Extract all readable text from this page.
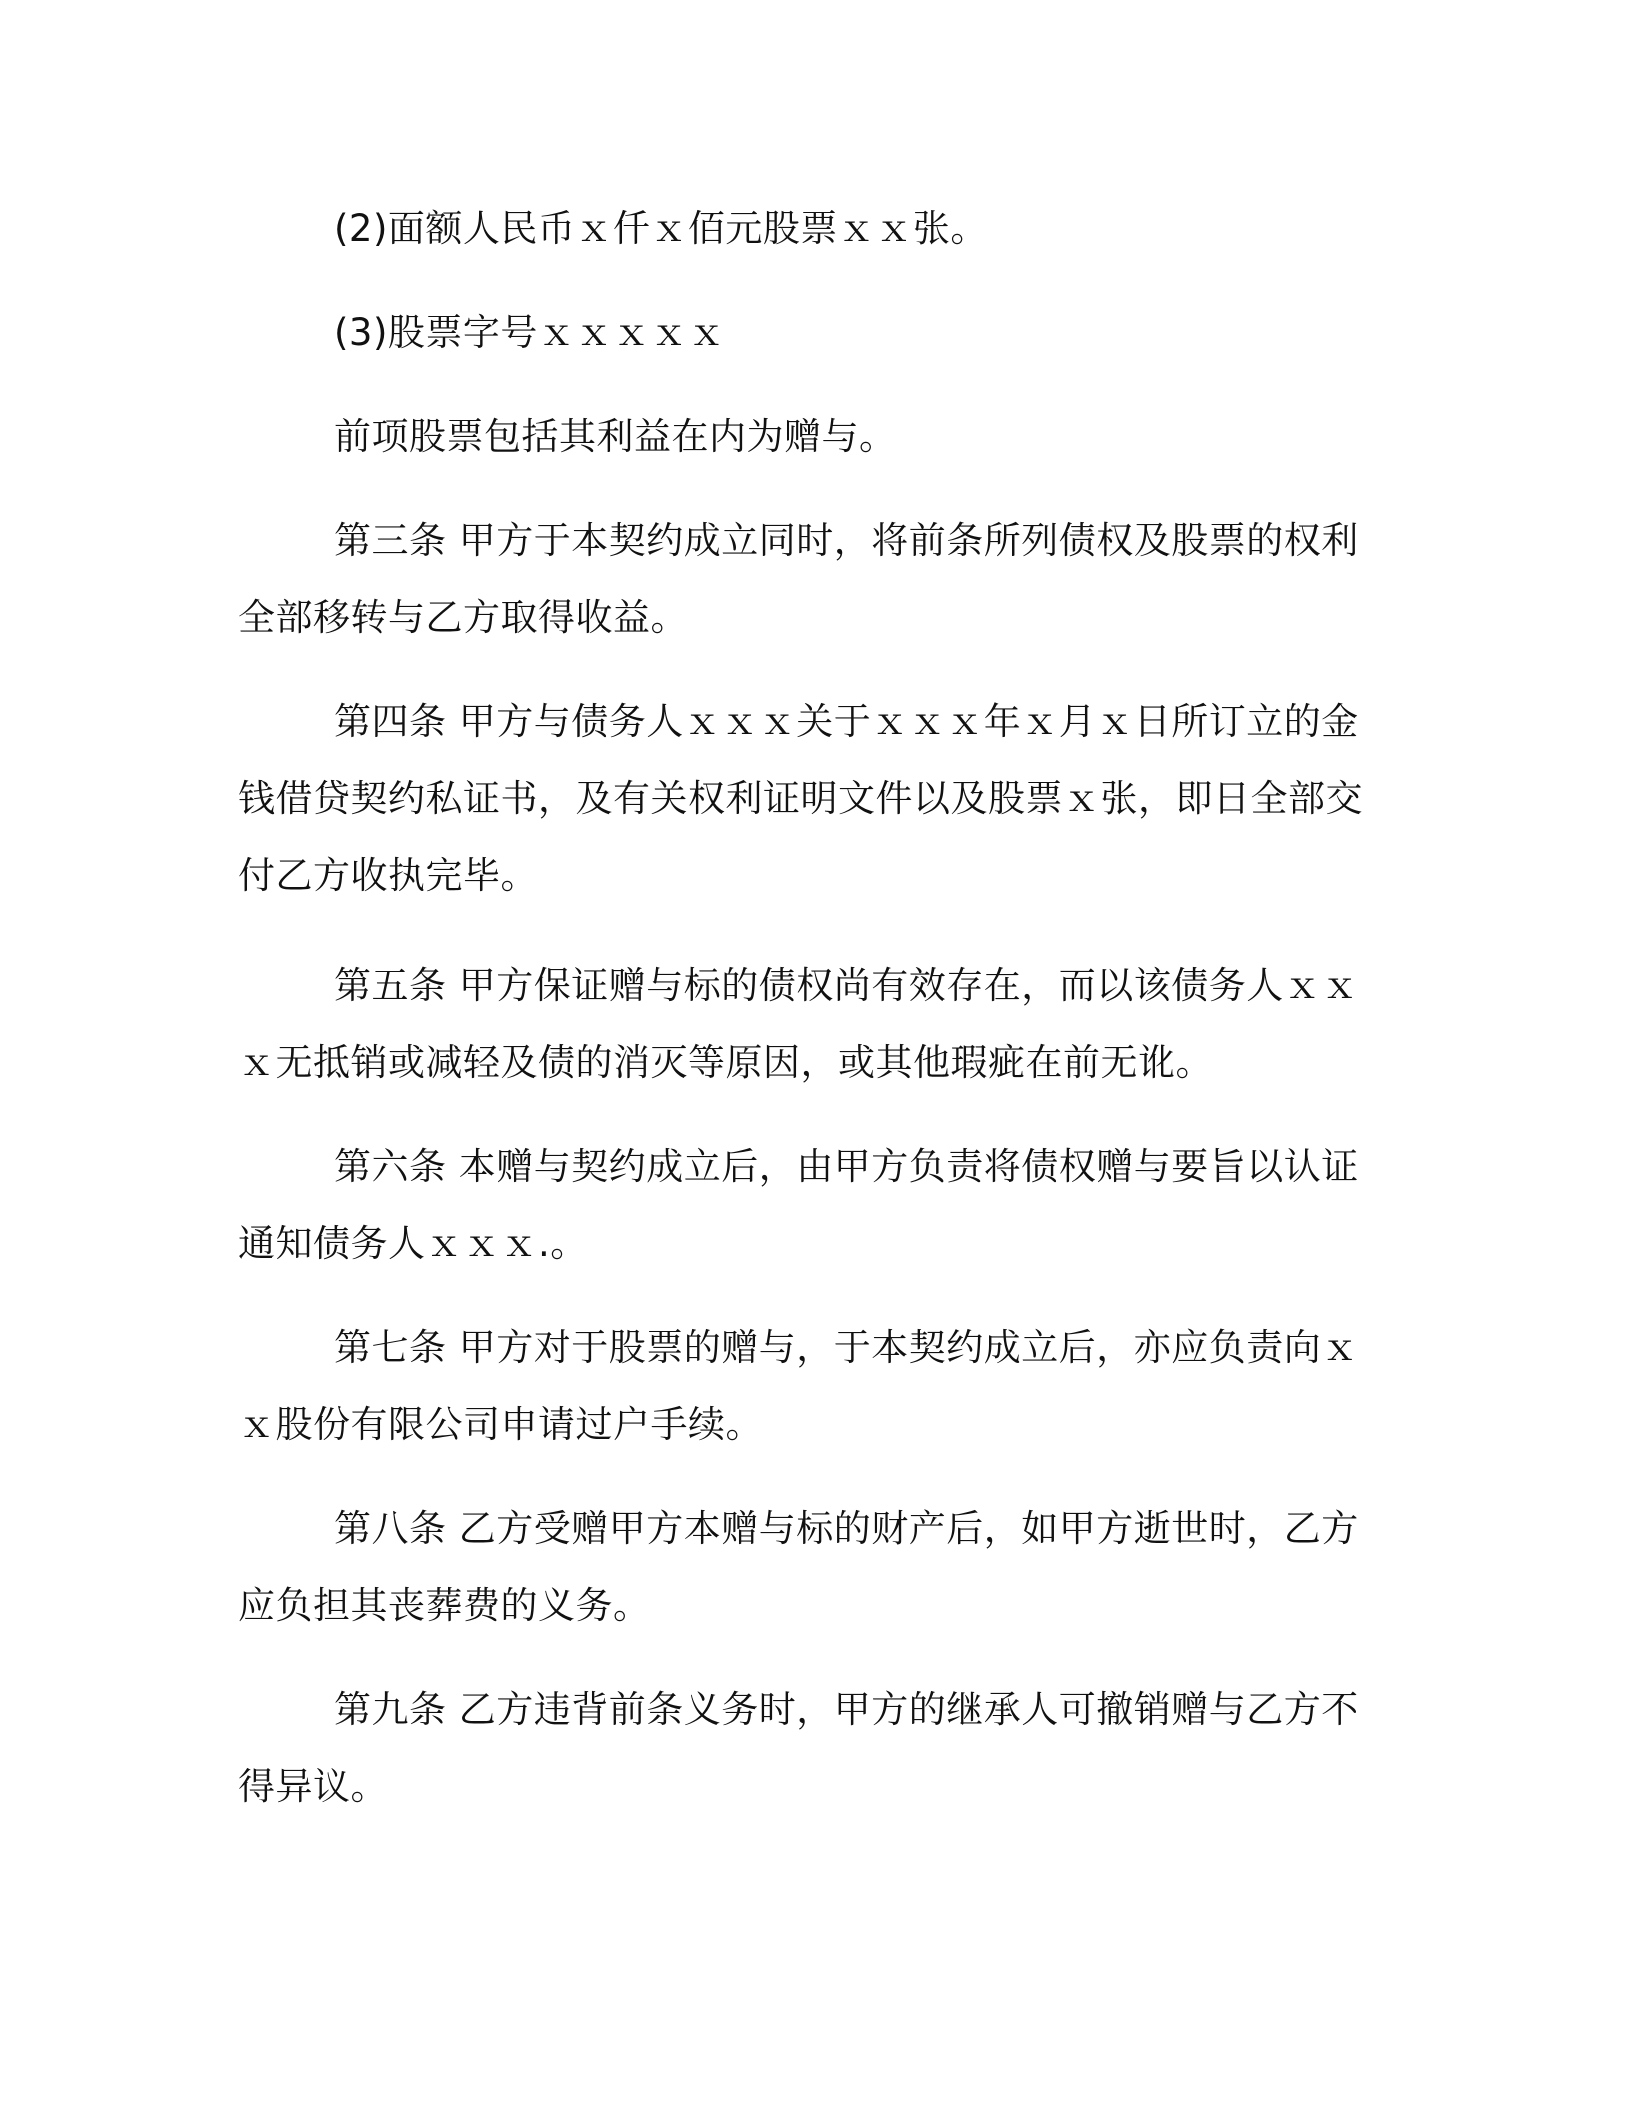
(2)面额人民币ｘ仟ｘ佰元股票ｘｘ张。

(3)股票字号ｘｘｘｘｘ

前项股票包括其利益在内为赠与。

第三条 甲方于本契约成立同时，将前条所列债权及股票的权利全部移转与乙方取得收益。

第四条 甲方与债务人ｘｘｘ关于ｘｘｘ年ｘ月ｘ日所订立的金钱借贷契约私证书，及有关权利证明文件以及股票ｘ张，即日全部交付乙方收执完毕。

第五条 甲方保证赠与标的债权尚有效存在，而以该债务人ｘｘｘ无抵销或减轻及债的消灭等原因，或其他瑕疵在前无讹。

第六条 本赠与契约成立后，由甲方负责将债权赠与要旨以认证通知债务人ｘｘｘ.。

第七条 甲方对于股票的赠与，于本契约成立后，亦应负责向ｘｘ股份有限公司申请过户手续。

第八条 乙方受赠甲方本赠与标的财产后，如甲方逝世时，乙方应负担其丧葬费的义务。

第九条 乙方违背前条义务时，甲方的继承人可撤销赠与乙方不得异议。
